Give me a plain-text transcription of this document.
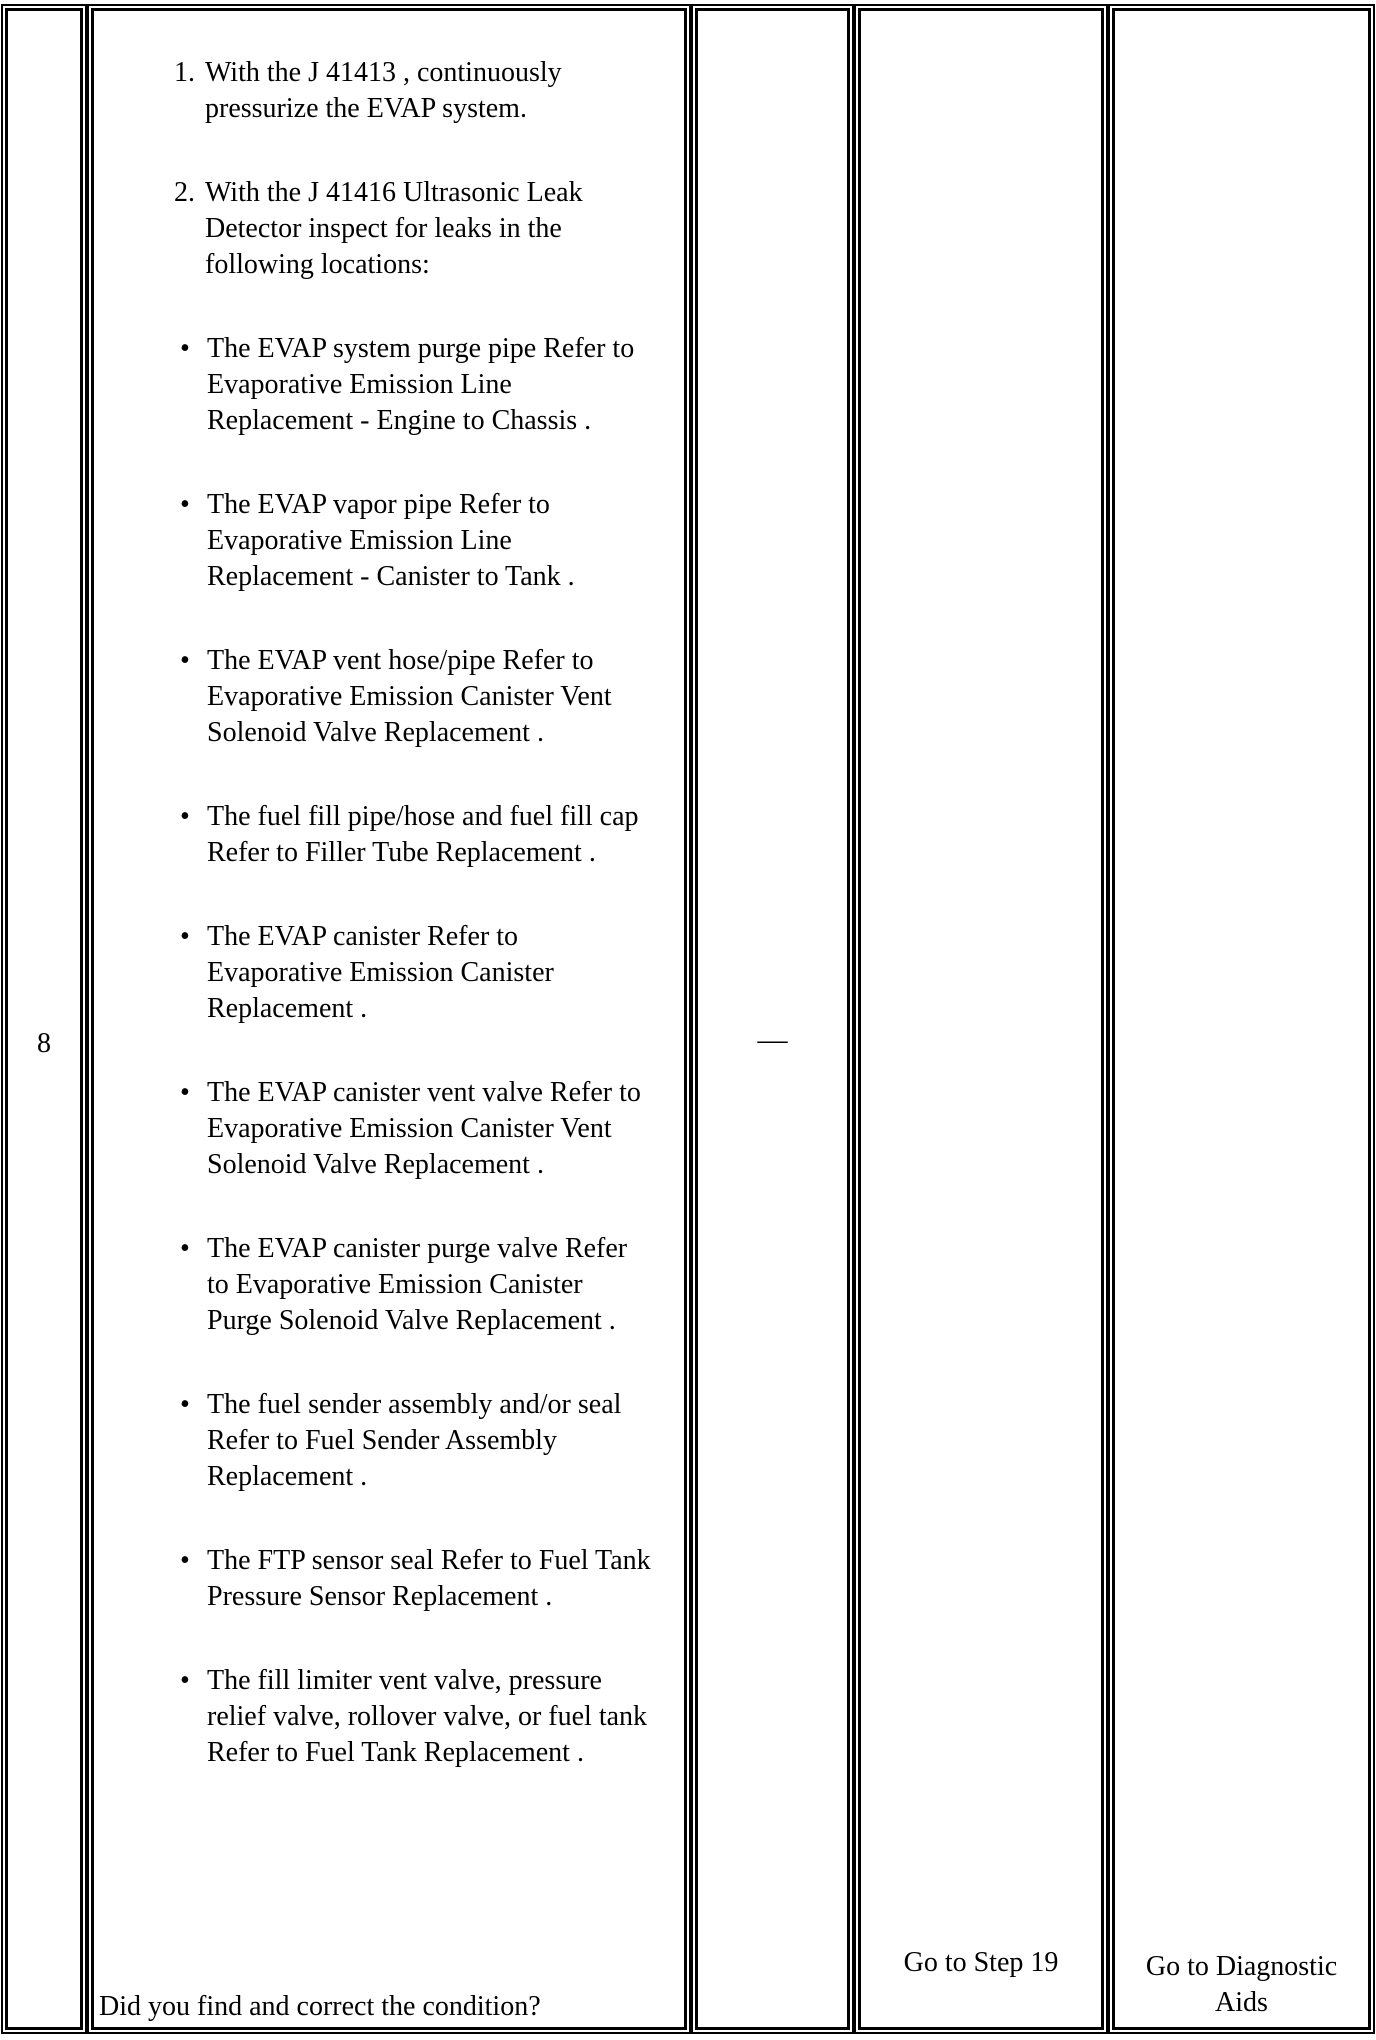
8
1. With the J 41413 , continuously pressurize the EVAP system.
2. With the J 41416 Ultrasonic Leak Detector inspect for leaks in the following locations:
• The EVAP system purge pipe Refer to Evaporative Emission Line Replacement - Engine to Chassis .
• The EVAP vapor pipe Refer to Evaporative Emission Line Replacement - Canister to Tank .
• The EVAP vent hose/pipe Refer to Evaporative Emission Canister Vent Solenoid Valve Replacement .
• The fuel fill pipe/hose and fuel fill cap Refer to Filler Tube Replacement .
• The EVAP canister Refer to Evaporative Emission Canister Replacement .
• The EVAP canister vent valve Refer to Evaporative Emission Canister Vent Solenoid Valve Replacement .
• The EVAP canister purge valve Refer to Evaporative Emission Canister Purge Solenoid Valve Replacement .
• The fuel sender assembly and/or seal Refer to Fuel Sender Assembly Replacement .
• The FTP sensor seal Refer to Fuel Tank Pressure Sensor Replacement .
• The fill limiter vent valve, pressure relief valve, rollover valve, or fuel tank Refer to Fuel Tank Replacement .
Did you find and correct the condition?
—
Go to Step 19	Go to Diagnostic Aids
